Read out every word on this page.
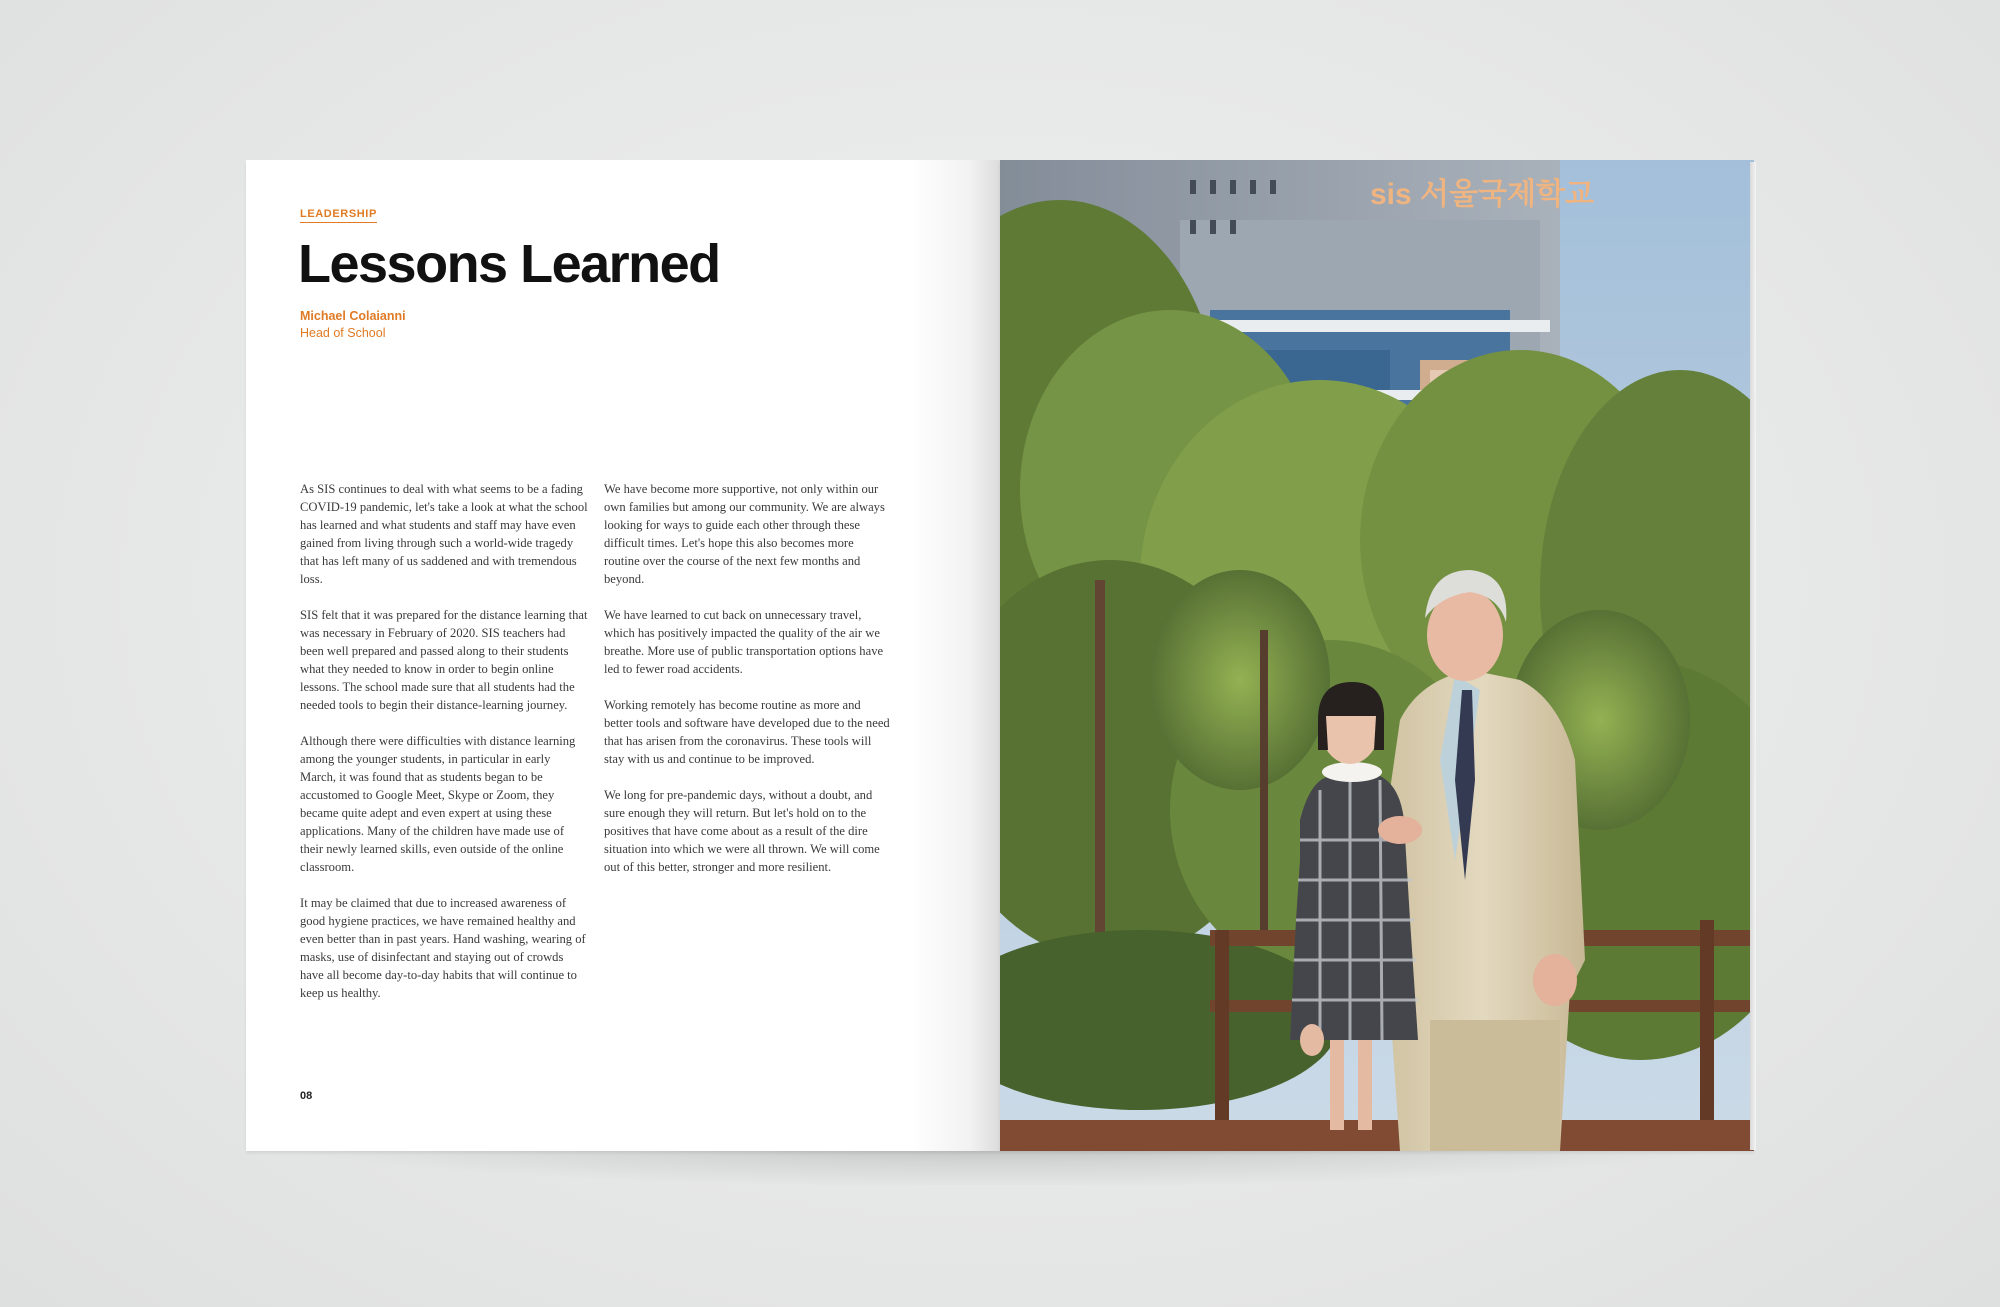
LEADERSHIP
Lessons Learned
Michael Colaianni
Head of School

As SIS continues to deal with what seems to be a fading COVID-19 pandemic, let's take a look at what the school has learned and what students and staff may have even gained from living through such a world-wide tragedy that has left many of us saddened and with tremendous loss.

SIS felt that it was prepared for the distance learning that was necessary in February of 2020. SIS teachers had been well prepared and passed along to their students what they needed to know in order to begin online lessons. The school made sure that all students had the needed tools to begin their distance-learning journey.

Although there were difficulties with distance learning among the younger students, in particular in early March, it was found that as students began to be accustomed to Google Meet, Skype or Zoom, they became quite adept and even expert at using these applications. Many of the children have made use of their newly learned skills, even outside of the online classroom.

It may be claimed that due to increased awareness of good hygiene practices, we have remained healthy and even better than in past years. Hand washing, wearing of masks, use of disinfectant and staying out of crowds have all become day-to-day habits that will continue to keep us healthy.

We have become more supportive, not only within our own families but among our community. We are always looking for ways to guide each other through these difficult times. Let's hope this also becomes more routine over the course of the next few months and beyond.

We have learned to cut back on unnecessary travel, which has positively impacted the quality of the air we breathe. More use of public transportation options have led to fewer road accidents.

Working remotely has become routine as more and better tools and software have developed due to the need that has arisen from the coronavirus. These tools will stay with us and continue to be improved.

We long for pre-pandemic days, without a doubt, and sure enough they will return. But let's hold on to the positives that have come about as a result of the dire situation into which we were all thrown. We will come out of this better, stronger and more resilient.

08
sis 서울국제학교
